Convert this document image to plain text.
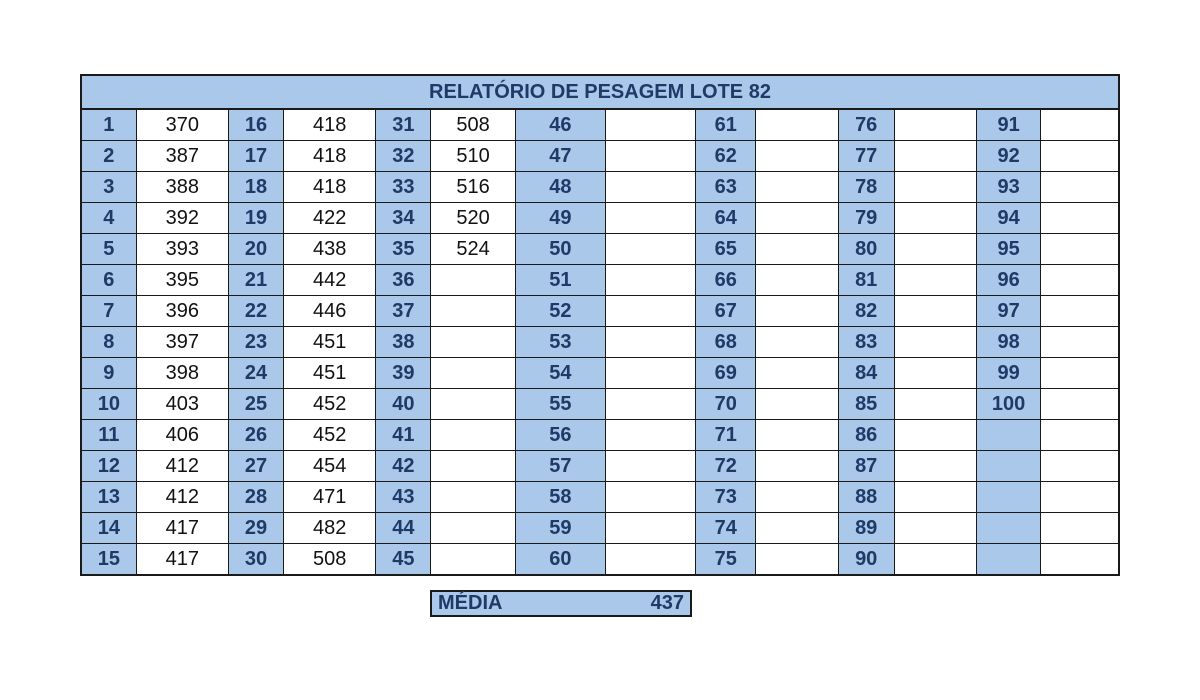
RELATÓRIO DE PESAGEM LOTE 82													
1	370	16	418	31	508	46		61		76		91	
2	387	17	418	32	510	47		62		77		92	
3	388	18	418	33	516	48		63		78		93	
4	392	19	422	34	520	49		64		79		94	
5	393	20	438	35	524	50		65		80		95	
6	395	21	442	36		51		66		81		96	
7	396	22	446	37		52		67		82		97	
8	397	23	451	38		53		68		83		98	
9	398	24	451	39		54		69		84		99	
10	403	25	452	40		55		70		85		100	
11	406	26	452	41		56		71		86			
12	412	27	454	42		57		72		87			
13	412	28	471	43		58		73		88			
14	417	29	482	44		59		74		89			
15	417	30	508	45		60		75		90			
MÉDIA	437
